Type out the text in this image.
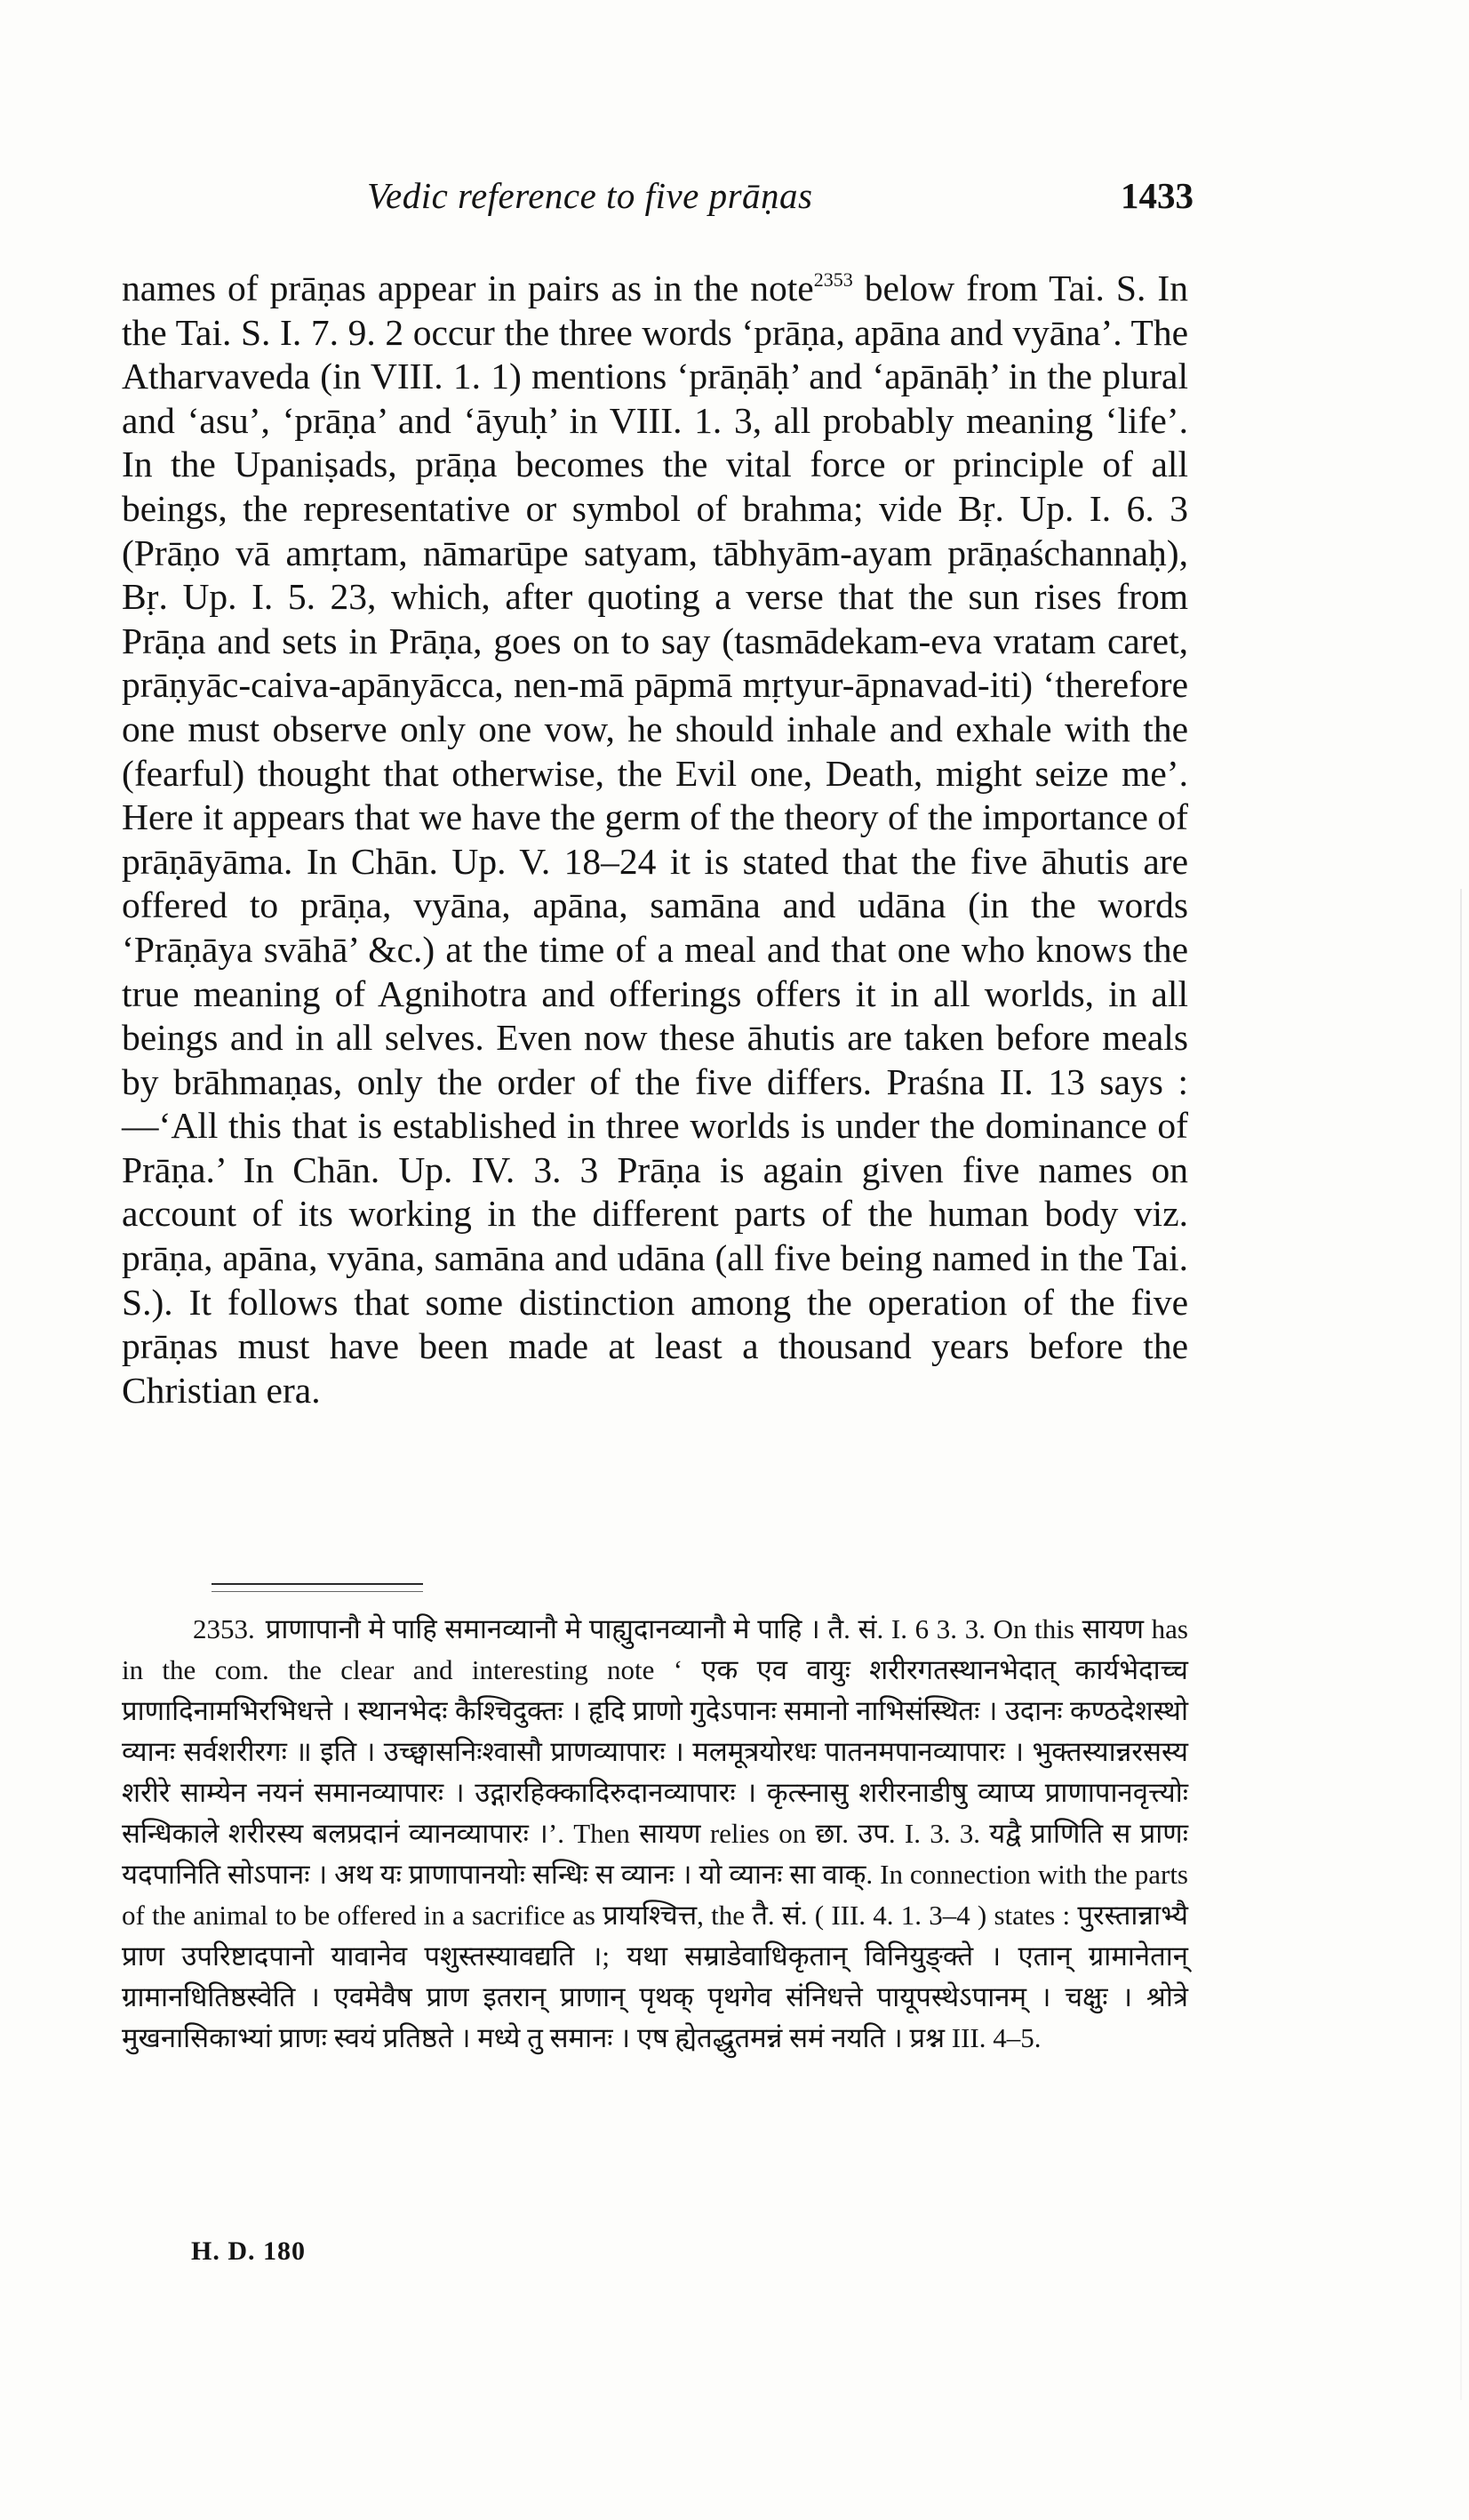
Vedic reference to five prāṇas	1433

names of prāṇas appear in pairs as in the note$^{2353}$ below from Tai. S. In the Tai. S. I. 7. 9. 2 occur the three words ‘prāṇa, apāna and vyāna’. The Atharvaveda (in VIII. 1. 1) mentions ‘prāṇāḥ’ and ‘apānāḥ’ in the plural and ‘asu’, ‘prāṇa’ and ‘āyuḥ’ in VIII. 1. 3, all probably meaning ‘life’. In the Upaniṣads, prāṇa becomes the vital force or principle of all beings, the representative or symbol of brahma; vide Bṛ. Up. I. 6. 3 (Prāṇo vā amṛtam, nāmarūpe satyam, tābhyām-ayam prāṇaśchannaḥ), Bṛ. Up. I. 5. 23, which, after quoting a verse that the sun rises from Prāṇa and sets in Prāṇa, goes on to say (tasmādekam-eva vratam caret, prāṇyāc-caiva-apānyācca, nen-mā pāpmā mṛtyur-āpnavad-iti) ‘therefore one must observe only one vow, he should inhale and exhale with the (fearful) thought that otherwise, the Evil one, Death, might seize me’. Here it appears that we have the germ of the theory of the importance of prāṇāyāma. In Chān. Up. V. 18–24 it is stated that the five āhutis are offered to prāṇa, vyāna, apāna, samāna and udāna (in the words ‘Prāṇāya svāhā’ &c.) at the time of a meal and that one who knows the true meaning of Agnihotra and offerings offers it in all worlds, in all beings and in all selves. Even now these āhutis are taken before meals by brāhmaṇas, only the order of the five differs. Praśna II. 13 says :—‘All this that is established in three worlds is under the dominance of Prāṇa.’ In Chān. Up. IV. 3. 3 Prāṇa is again given five names on account of its working in the different parts of the human body viz. prāṇa, apāna, vyāna, samāna and udāna (all five being named in the Tai. S.). It follows that some distinction among the operation of the five prāṇas must have been made at least a thousand years before the Christian era.

2353. प्राणापानौ मे पाहि समानव्यानौ मे पाह्युदानव्यानौ मे पाहि । तै. सं. I. 6 3. 3. On this सायण has in the com. the clear and interesting note ‘ एक एव वायुः शरीरगतस्थानभेदात् कार्यभेदाच्च प्राणादिनामभिरभिधत्ते । स्थानभेदः कैश्चिदुक्तः । हृदि प्राणो गुदेऽपानः समानो नाभिसंस्थितः । उदानः कण्ठदेशस्थो व्यानः सर्वशरीरगः ॥ इति । उच्छ्वासनिःश्वासौ प्राणव्यापारः । मलमूत्रयोरधः पातनमपानव्यापारः । भुक्तस्यान्नरसस्य शरीरे साम्येन नयनं समानव्यापारः । उद्गारहिक्कादिरुदानव्यापारः । कृत्स्नासु शरीरनाडीषु व्याप्य प्राणापानवृत्त्योः सन्धिकाले शरीरस्य बलप्रदानं व्यानव्यापारः ।’. Then सायण relies on छा. उप. I. 3. 3. यद्वै प्राणिति स प्राणः यदपानिति सोऽपानः । अथ यः प्राणापानयोः सन्धिः स व्यानः । यो व्यानः सा वाक्. In connection with the parts of the animal to be offered in a sacrifice as प्रायश्चित्त, the तै. सं. ( III. 4. 1. 3–4 ) states : पुरस्तान्नाभ्यै प्राण उपरिष्टादपानो यावानेव पशुस्तस्यावद्यति ।; यथा सम्राडेवाधिकृतान् विनियुङ्क्ते । एतान् ग्रामानेतान् ग्रामानधितिष्ठस्वेति । एवमेवैष प्राण इतरान् प्राणान् पृथक् पृथगेव संनिधत्ते पायूपस्थेऽपानम् । चक्षुः । श्रोत्रे मुखनासिकाभ्यां प्राणः स्वयं प्रतिष्ठते । मध्ये तु समानः । एष ह्येतद्धुतमन्नं समं नयति । प्रश्न III. 4–5.
H. D. 180
